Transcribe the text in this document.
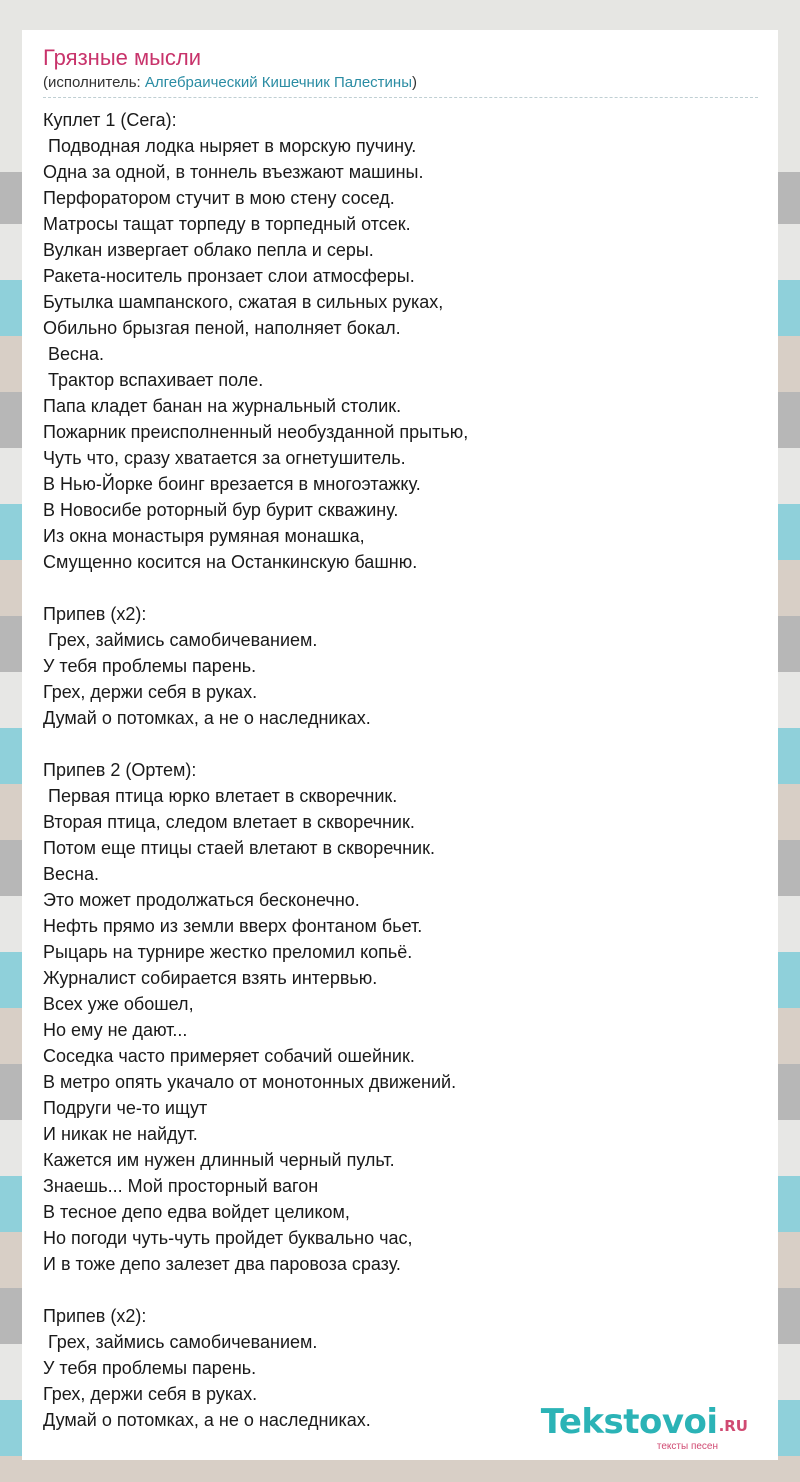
Грязные мысли
(исполнитель: Алгебраический Кишечник Палестины)
Куплет 1 (Сега):
Подводная лодка ныряет в морскую пучину.
Одна за одной, в тоннель въезжают машины.
Перфоратором стучит в мою стену сосед.
Матросы тащат торпеду в торпедный отсек.
Вулкан извергает облако пепла и серы.
Ракета-носитель пронзает слои атмосферы.
Бутылка шампанского, сжатая в сильных руках,
Обильно брызгая пеной, наполняет бокал.
Весна.
Трактор вспахивает поле.
Папа кладет банан на журнальный столик.
Пожарник преисполненный необузданной прытью,
Чуть что, сразу хватается за огнетушитель.
В Нью-Йорке боинг врезается в многоэтажку.
В Новосибе роторный бур бурит скважину.
Из окна монастыря румяная монашка,
Смущенно косится на Останкинскую башню.

Припев (х2):
Грех, займись самобичеванием.
У тебя проблемы парень.
Грех, держи себя в руках.
Думай о потомках, а не о наследниках.

Припев 2 (Ортем):
Первая птица юрко влетает в скворечник.
Вторая птица, следом влетает в скворечник.
Потом еще птицы стаей влетают в скворечник.
Весна.
Это может продолжаться бесконечно.
Нефть прямо из земли вверх фонтаном бьет.
Рыцарь на турнире жестко преломил копьё.
Журналист собирается взять интервью.
Всех уже обошел,
Но ему не дают...
Соседка часто примеряет собачий ошейник.
В метро опять укачало от монотонных движений.
Подруги че-то ищут
И никак не найдут.
Кажется им нужен длинный черный пульт.
Знаешь... Мой просторный вагон
В тесное депо едва войдет целиком,
Но погоди чуть-чуть пройдет буквально час,
И в тоже депо залезет два паровоза сразу.

Припев (х2):
Грех, займись самобичеванием.
У тебя проблемы парень.
Грех, держи себя в руках.
Думай о потомках, а не о наследниках.	Tekstovoi.RU
тексты песен
